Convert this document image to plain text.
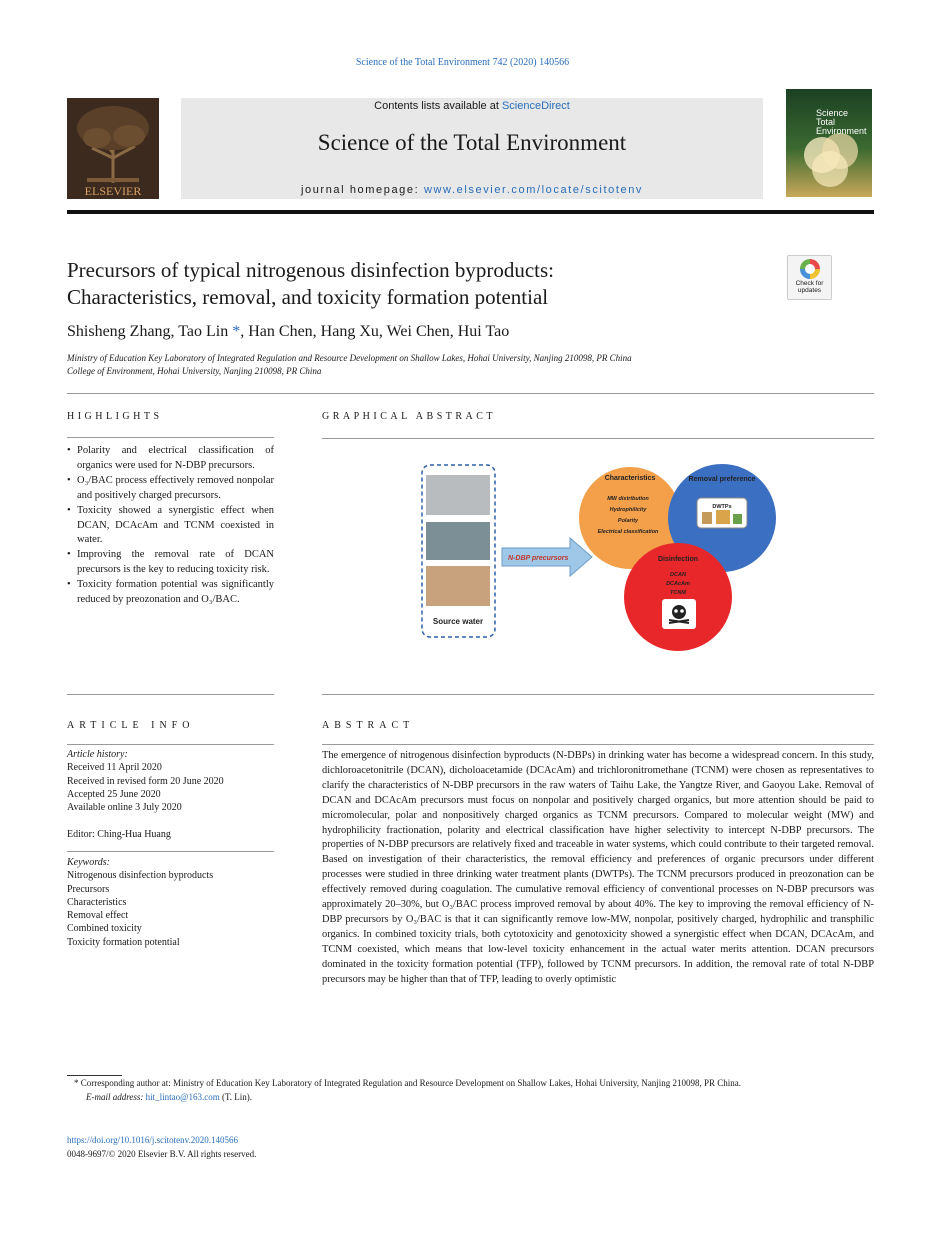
Science of the Total Environment 742 (2020) 140566
ELSEVIER
Contents lists available at ScienceDirect
Science of the Total Environment
journal homepage: www.elsevier.com/locate/scitotenv
Science
Total Environment
Precursors of typical nitrogenous disinfection byproducts:
Characteristics, removal, and toxicity formation potential
Check for
updates
Shisheng Zhang, Tao Lin *, Han Chen, Hang Xu, Wei Chen, Hui Tao
Ministry of Education Key Laboratory of Integrated Regulation and Resource Development on Shallow Lakes, Hohai University, Nanjing 210098, PR China
College of Environment, Hohai University, Nanjing 210098, PR China
HIGHLIGHTS
• Polarity and electrical classification of organics were used for N-DBP precursors.
• O₃/BAC process effectively removed nonpolar and positively charged precursors.
• Toxicity showed a synergistic effect when DCAN, DCAcAm and TCNM coexisted in water.
• Improving the removal rate of DCAN precursors is the key to reducing toxicity risk.
• Toxicity formation potential was significantly reduced by preozonation and O₃/BAC.
GRAPHICAL ABSTRACT
Source water
N-DBP precursors
Characteristics
MW distribution
Hydrophilicity
Polarity
Electrical classification
Removal preference
DWTPs
Disinfection
DCAN
DCAcAm
TCNM
ARTICLE INFO
Article history:
Received 11 April 2020
Received in revised form 20 June 2020
Accepted 25 June 2020
Available online 3 July 2020
Editor: Ching-Hua Huang
Keywords:
Nitrogenous disinfection byproducts
Precursors
Characteristics
Removal effect
Combined toxicity
Toxicity formation potential
ABSTRACT
The emergence of nitrogenous disinfection byproducts (N-DBPs) in drinking water has become a widespread concern. In this study, dichloroacetonitrile (DCAN), dicholoacetamide (DCAcAm) and trichloronitromethane (TCNM) were chosen as representatives to clarify the characteristics of N-DBP precursors in the raw waters of Taihu Lake, the Yangtze River, and Gaoyou Lake. Removal of DCAN and DCAcAm precursors must focus on nonpolar and positively charged organics, but more attention should be paid to micromolecular, polar and nonpositively charged organics as TCNM precursors. Compared to molecular weight (MW) and hydrophilicity fractionation, polarity and electrical classification have higher selectivity to intercept N-DBP precursors. The properties of N-DBP precursors are relatively fixed and traceable in water systems, which could contribute to their targeted removal. Based on investigation of their characteristics, the removal efficiency and preferences of organic precursors under different processes were studied in three drinking water treatment plants (DWTPs). The TCNM precursors produced in preozonation can be effectively removed during coagulation. The cumulative removal efficiency of conventional processes on N-DBP precursors was approximately 20–30%, but O₃/BAC process improved removal by about 40%. The key to improving the removal efficiency of N-DBP precursors by O₃/BAC is that it can significantly remove low-MW, nonpolar, positively charged, hydrophilic and transphilic organics. In combined toxicity trials, both cytotoxicity and genotoxicity showed a synergistic effect when DCAN, DCAcAm, and TCNM coexisted, which means that low-level toxicity enhancement in the actual water merits attention. DCAN precursors dominated in the toxicity formation potential (TFP), followed by TCNM precursors. In addition, the removal rate of total N-DBP precursors may be higher than that of TFP, leading to overly optimistic
* Corresponding author at: Ministry of Education Key Laboratory of Integrated Regulation and Resource Development on Shallow Lakes, Hohai University, Nanjing 210098, PR China.
E-mail address: hit_lintao@163.com (T. Lin).
https://doi.org/10.1016/j.scitotenv.2020.140566
0048-9697/© 2020 Elsevier B.V. All rights reserved.
